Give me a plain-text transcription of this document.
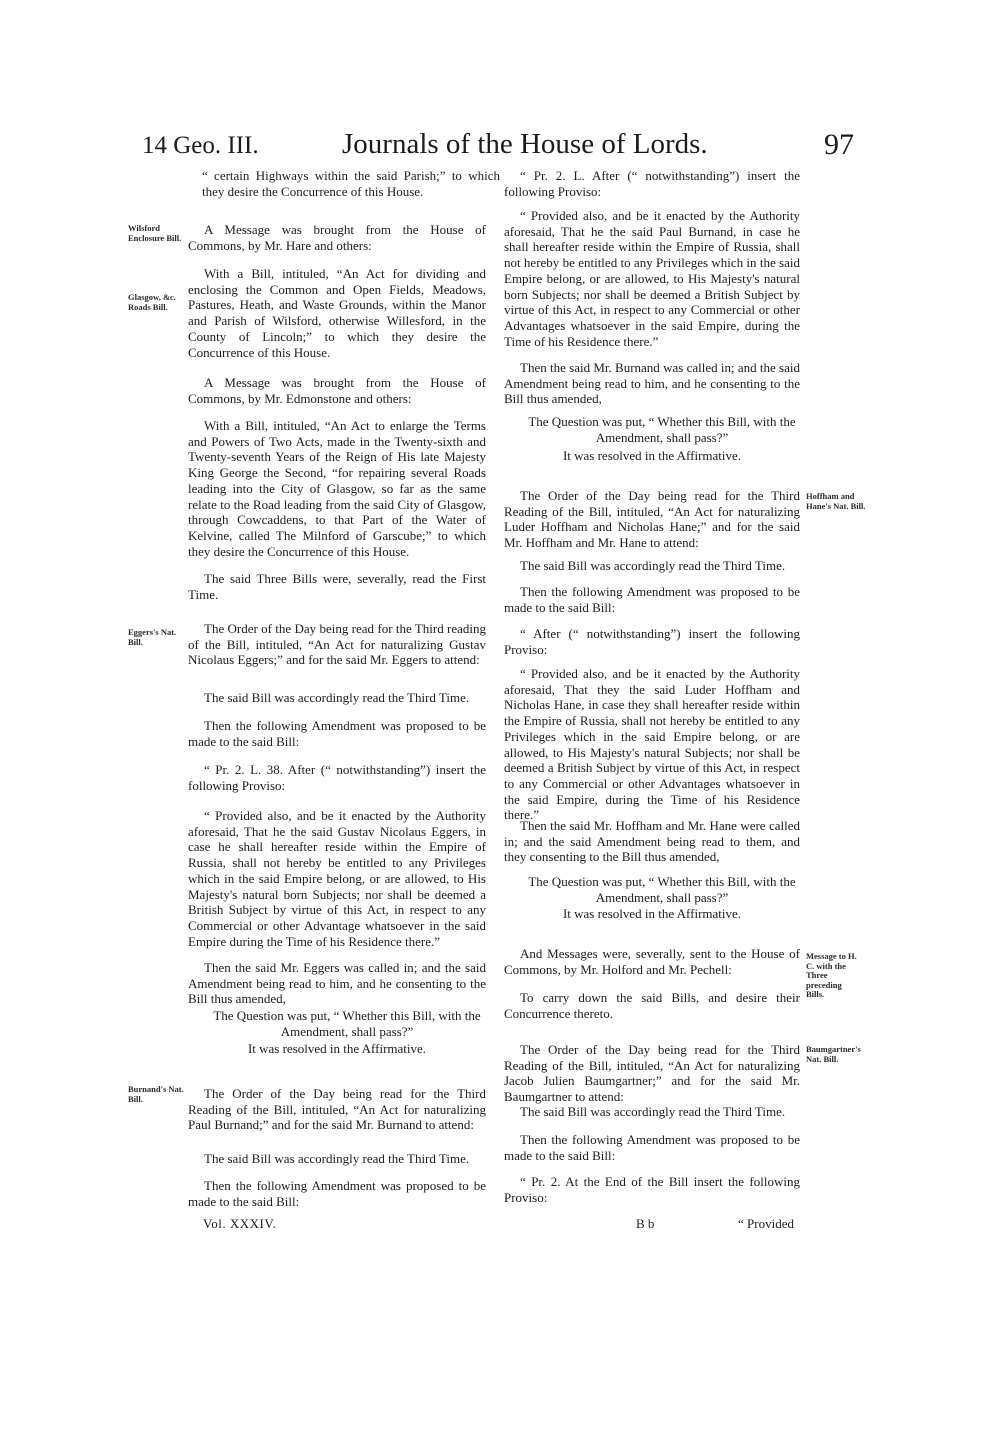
14 Geo. III.	Journals of the House of Lords.	97
Wilsford Enclosure Bill.
Glasgow, &c. Roads Bill.
Eggers's Nat. Bill.
Burnand's Nat. Bill.
Hoffham and Hane's Nat. Bill.
Message to H. C. with the Three preceding Bills.
Baumgartner's Nat. Bill.

“ certain Highways within the said Parish;” to which they desire the Concurrence of this House.

A Message was brought from the House of Commons, by Mr. Hare and others:

With a Bill, intituled, “An Act for dividing and enclosing the Common and Open Fields, Meadows, Pastures, Heath, and Waste Grounds, within the Manor and Parish of Wilsford, otherwise Willesford, in the County of Lincoln;” to which they desire the Concurrence of this House.

A Message was brought from the House of Commons, by Mr. Edmonstone and others:

With a Bill, intituled, “An Act to enlarge the Terms and Powers of Two Acts, made in the Twenty-sixth and Twenty-seventh Years of the Reign of His late Majesty King George the Second, “for repairing several Roads leading into the City of Glasgow, so far as the same relate to the Road leading from the said City of Glasgow, through Cowcaddens, to that Part of the Water of Kelvine, called The Milnford of Garscube;” to which they desire the Concurrence of this House.

The said Three Bills were, severally, read the First Time.

The Order of the Day being read for the Third reading of the Bill, intituled, “An Act for naturalizing Gustav Nicolaus Eggers;” and for the said Mr. Eggers to attend:

The said Bill was accordingly read the Third Time.

Then the following Amendment was proposed to be made to the said Bill:

“ Pr. 2. L. 38. After (“ notwithstanding”) insert the following Proviso:

“ Provided also, and be it enacted by the Authority aforesaid, That he the said Gustav Nicolaus Eggers, in case he shall hereafter reside within the Empire of Russia, shall not hereby be entitled to any Privileges which in the said Empire belong, or are allowed, to His Majesty's natural born Subjects; nor shall be deemed a British Subject by virtue of this Act, in respect to any Commercial or other Advantage whatsoever in the said Empire during the Time of his Residence there.”

Then the said Mr. Eggers was called in; and the said Amendment being read to him, and he consenting to the Bill thus amended,

The Question was put, “ Whether this Bill, with the Amendment, shall pass?”

It was resolved in the Affirmative.

The Order of the Day being read for the Third Reading of the Bill, intituled, “An Act for naturalizing Paul Burnand;” and for the said Mr. Burnand to attend:

The said Bill was accordingly read the Third Time.

Then the following Amendment was proposed to be made to the said Bill:

“ Pr. 2. L. After (“ notwithstanding”) insert the following Proviso:

“ Provided also, and be it enacted by the Authority aforesaid, That he the said Paul Burnand, in case he shall hereafter reside within the Empire of Russia, shall not hereby be entitled to any Privileges which in the said Empire belong, or are allowed, to His Majesty's natural born Subjects; nor shall be deemed a British Subject by virtue of this Act, in respect to any Commercial or other Advantages whatsoever in the said Empire, during the Time of his Residence there.”

Then the said Mr. Burnand was called in; and the said Amendment being read to him, and he consenting to the Bill thus amended,

The Question was put, “ Whether this Bill, with the Amendment, shall pass?”

It was resolved in the Affirmative.

The Order of the Day being read for the Third Reading of the Bill, intituled, “An Act for naturalizing Luder Hoffham and Nicholas Hane;” and for the said Mr. Hoffham and Mr. Hane to attend:

The said Bill was accordingly read the Third Time.

Then the following Amendment was proposed to be made to the said Bill:

“ After (“ notwithstanding”) insert the following Proviso:

“ Provided also, and be it enacted by the Authority aforesaid, That they the said Luder Hoffham and Nicholas Hane, in case they shall hereafter reside within the Empire of Russia, shall not hereby be entitled to any Privileges which in the said Empire belong, or are allowed, to His Majesty's natural Subjects; nor shall be deemed a British Subject by virtue of this Act, in respect to any Commercial or other Advantages whatsoever in the said Empire, during the Time of his Residence there.”

Then the said Mr. Hoffham and Mr. Hane were called in; and the said Amendment being read to them, and they consenting to the Bill thus amended,

The Question was put, “ Whether this Bill, with the Amendment, shall pass?”

It was resolved in the Affirmative.

And Messages were, severally, sent to the House of Commons, by Mr. Holford and Mr. Pechell:

To carry down the said Bills, and desire their Concurrence thereto.

The Order of the Day being read for the Third Reading of the Bill, intituled, “An Act for naturalizing Jacob Julien Baumgartner;” and for the said Mr. Baumgartner to attend:

The said Bill was accordingly read the Third Time.

Then the following Amendment was proposed to be made to the said Bill:

“ Pr. 2. At the End of the Bill insert the following Proviso:

Vol. XXXIV.	B b	“ Provided
